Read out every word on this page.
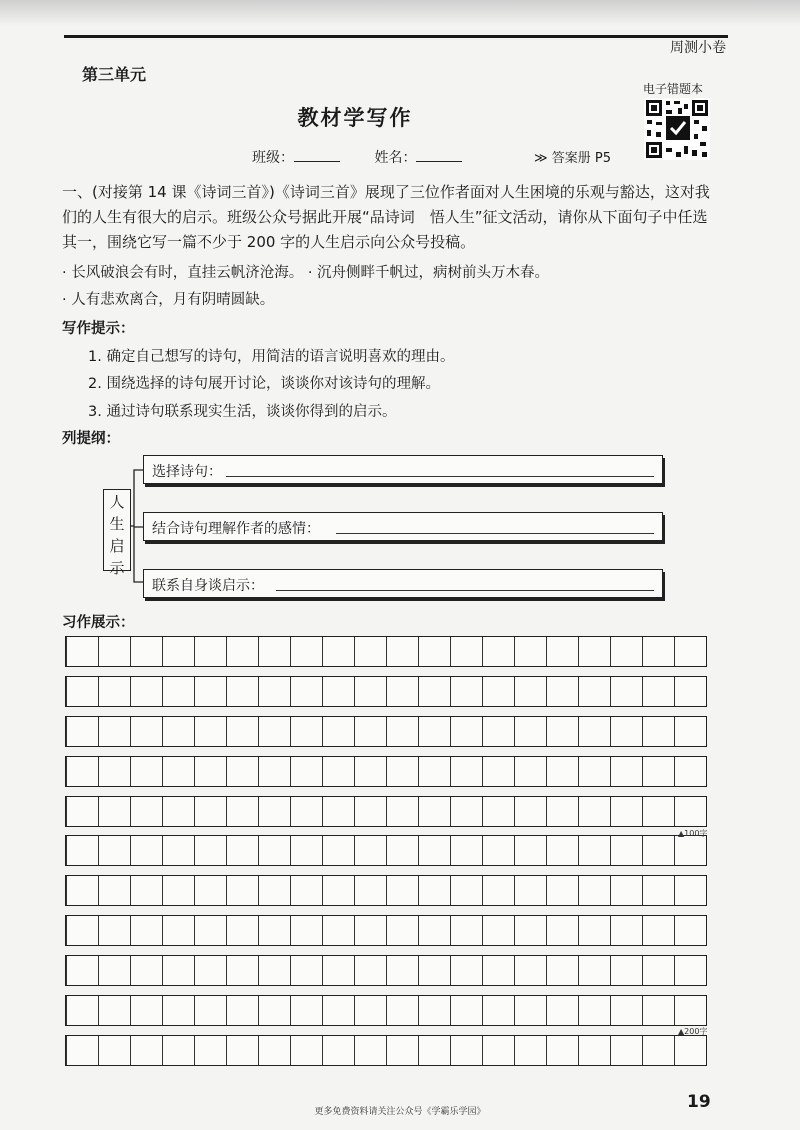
周测小卷
第三单元
教材学写作
班级：	姓名：
电子错题本
≫ 答案册 P5
一、(对接第 14 课《诗词三首》)《诗词三首》展现了三位作者面对人生困境的乐观与豁达，这对我们的人生有很大的启示。班级公众号据此开展“品诗词　悟人生”征文活动，请你从下面句子中任选其一，围绕它写一篇不少于 200 字的人生启示向公众号投稿。
· 长风破浪会有时，直挂云帆济沧海。 · 沉舟侧畔千帆过，病树前头万木春。
· 人有悲欢离合，月有阴晴圆缺。
写作提示：
1. 确定自己想写的诗句，用简洁的语言说明喜欢的理由。
2. 围绕选择的诗句展开讨论，谈谈你对该诗句的理解。
3. 通过诗句联系现实生活，谈谈你得到的启示。
列提纲：
人
生
启
示
选择诗句：
结合诗句理解作者的感情：
联系自身谈启示：
习作展示：
▲100字
▲200字
19
更多免费资料请关注公众号《学霸乐学园》
